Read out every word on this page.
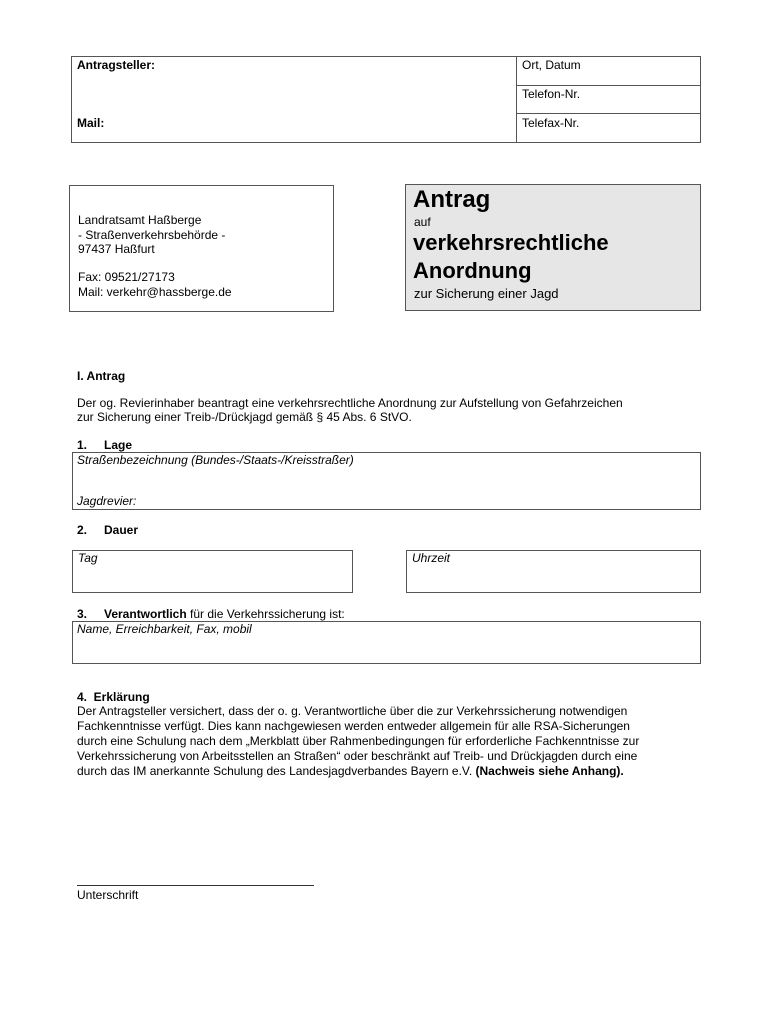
Antragsteller:
Mail:
Ort, Datum
Telefon-Nr.
Telefax-Nr.
Landratsamt Haßberge
- Straßenverkehrsbehörde -
97437 Haßfurt
Fax: 09521/27173
Mail: verkehr@hassberge.de
Antrag
auf
verkehrsrechtliche
Anordnung
zur Sicherung einer Jagd
I. Antrag
Der og. Revierinhaber beantragt eine verkehrsrechtliche Anordnung zur Aufstellung von Gefahrzeichen
zur Sicherung einer Treib-/Drückjagd gemäß § 45 Abs. 6 StVO.
1. Lage
Straßenbezeichnung (Bundes-/Staats-/Kreisstraßer)
Jagdrevier:
2. Dauer
Tag	Uhrzeit
3. Verantwortlich für die Verkehrssicherung ist:
Name, Erreichbarkeit, Fax, mobil
4.  Erklärung
Der Antragsteller versichert, dass der o. g. Verantwortliche über die zur Verkehrssicherung notwendigen
Fachkenntnisse verfügt. Dies kann nachgewiesen werden entweder allgemein für alle RSA-Sicherungen
durch eine Schulung nach dem „Merkblatt über Rahmenbedingungen für erforderliche Fachkenntnisse zur
Verkehrssicherung von Arbeitsstellen an Straßen“ oder beschränkt auf Treib- und Drückjagden durch eine
durch das IM anerkannte Schulung des Landesjagdverbandes Bayern e.V. (Nachweis siehe Anhang).
Unterschrift
